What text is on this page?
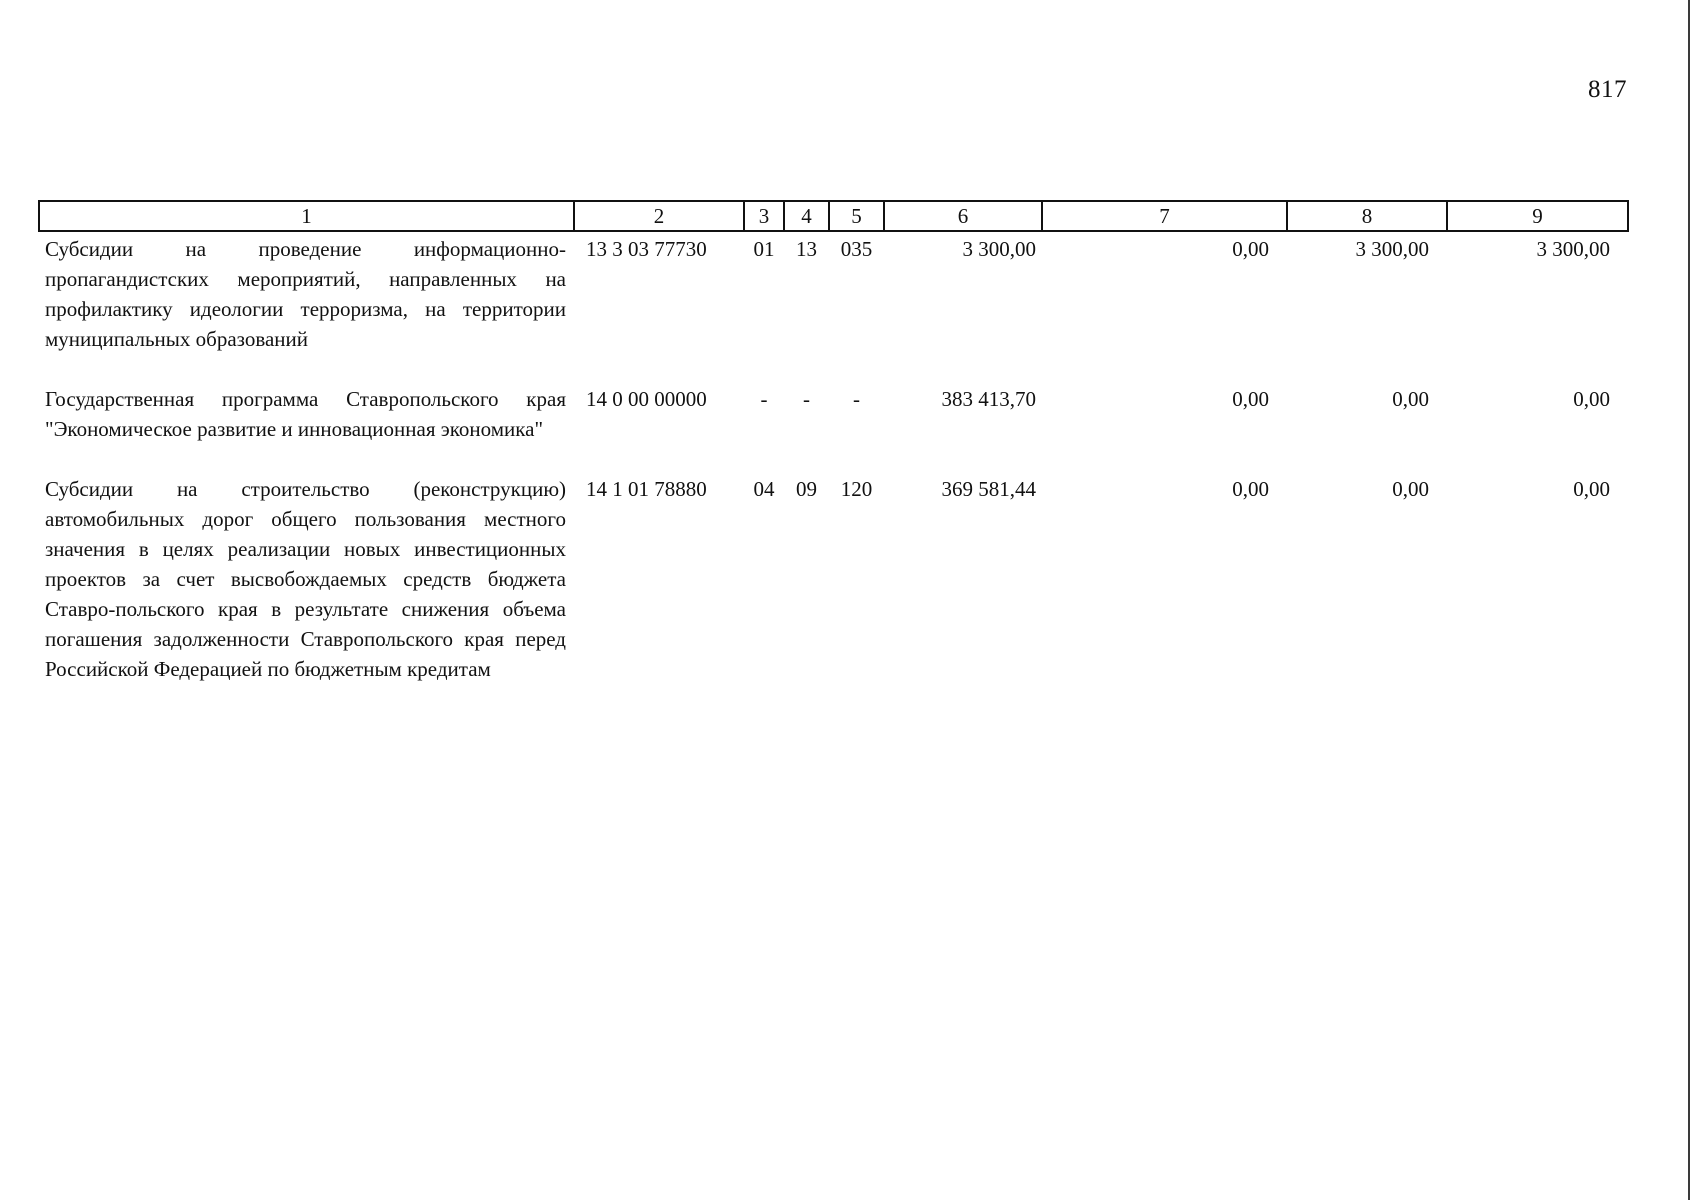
817
1	2	3	4	5	6	7	8	9
Субсидии на проведение информационно-пропагандистских мероприятий, направленных на профилактику идеологии терроризма, на территории муниципальных образований	13 3 03 77730	01	13	035	3 300,00	0,00	3 300,00	3 300,00
Государственная программа Ставропольского края "Экономическое развитие и инновационная экономика"	14 0 00 00000	-	-	-	383 413,70	0,00	0,00	0,00
Субсидии на строительство (реконструкцию) автомобильных дорог общего пользования местного значения в целях реализации новых инвестиционных проектов за счет высвобождаемых средств бюджета Ставро-польского края в результате снижения объема погашения задолженности Ставропольского края перед Российской Федерацией по бюджетным кредитам	14 1 01 78880	04	09	120	369 581,44	0,00	0,00	0,00
